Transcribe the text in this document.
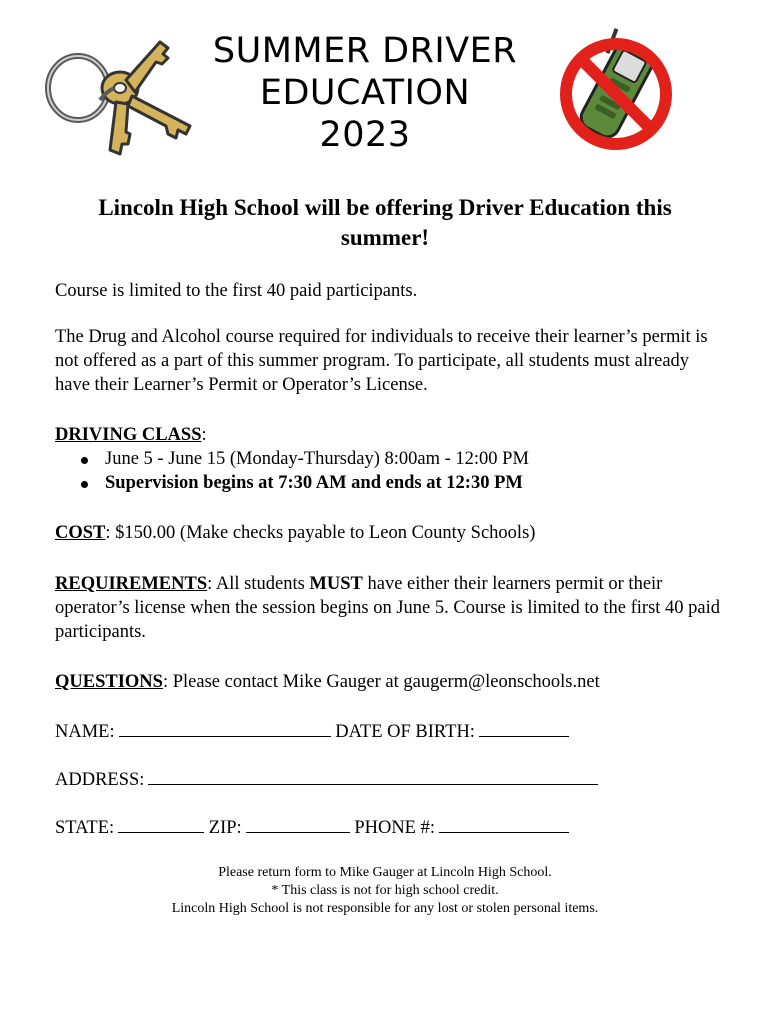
SUMMER DRIVER
EDUCATION
2023
Lincoln High School will be offering Driver Education this summer!
Course is limited to the first 40 paid participants.
The Drug and Alcohol course required for individuals to receive their learner’s permit is not offered as a part of this summer program. To participate, all students must already have their Learner’s Permit or Operator’s License.
DRIVING CLASS:
June 5 - June 15 (Monday-Thursday) 8:00am - 12:00 PM
Supervision begins at 7:30 AM and ends at 12:30 PM
COST: $150.00 (Make checks payable to Leon County Schools)
REQUIREMENTS: All students MUST have either their learners permit or their operator’s license when the session begins on June 5. Course is limited to the first 40 paid participants.
QUESTIONS: Please contact Mike Gauger at gaugerm@leonschools.net
NAME:	DATE OF BIRTH:
ADDRESS:
STATE:	ZIP:	PHONE #:
Please return form to Mike Gauger at Lincoln High School.
* This class is not for high school credit.
Lincoln High School is not responsible for any lost or stolen personal items.
